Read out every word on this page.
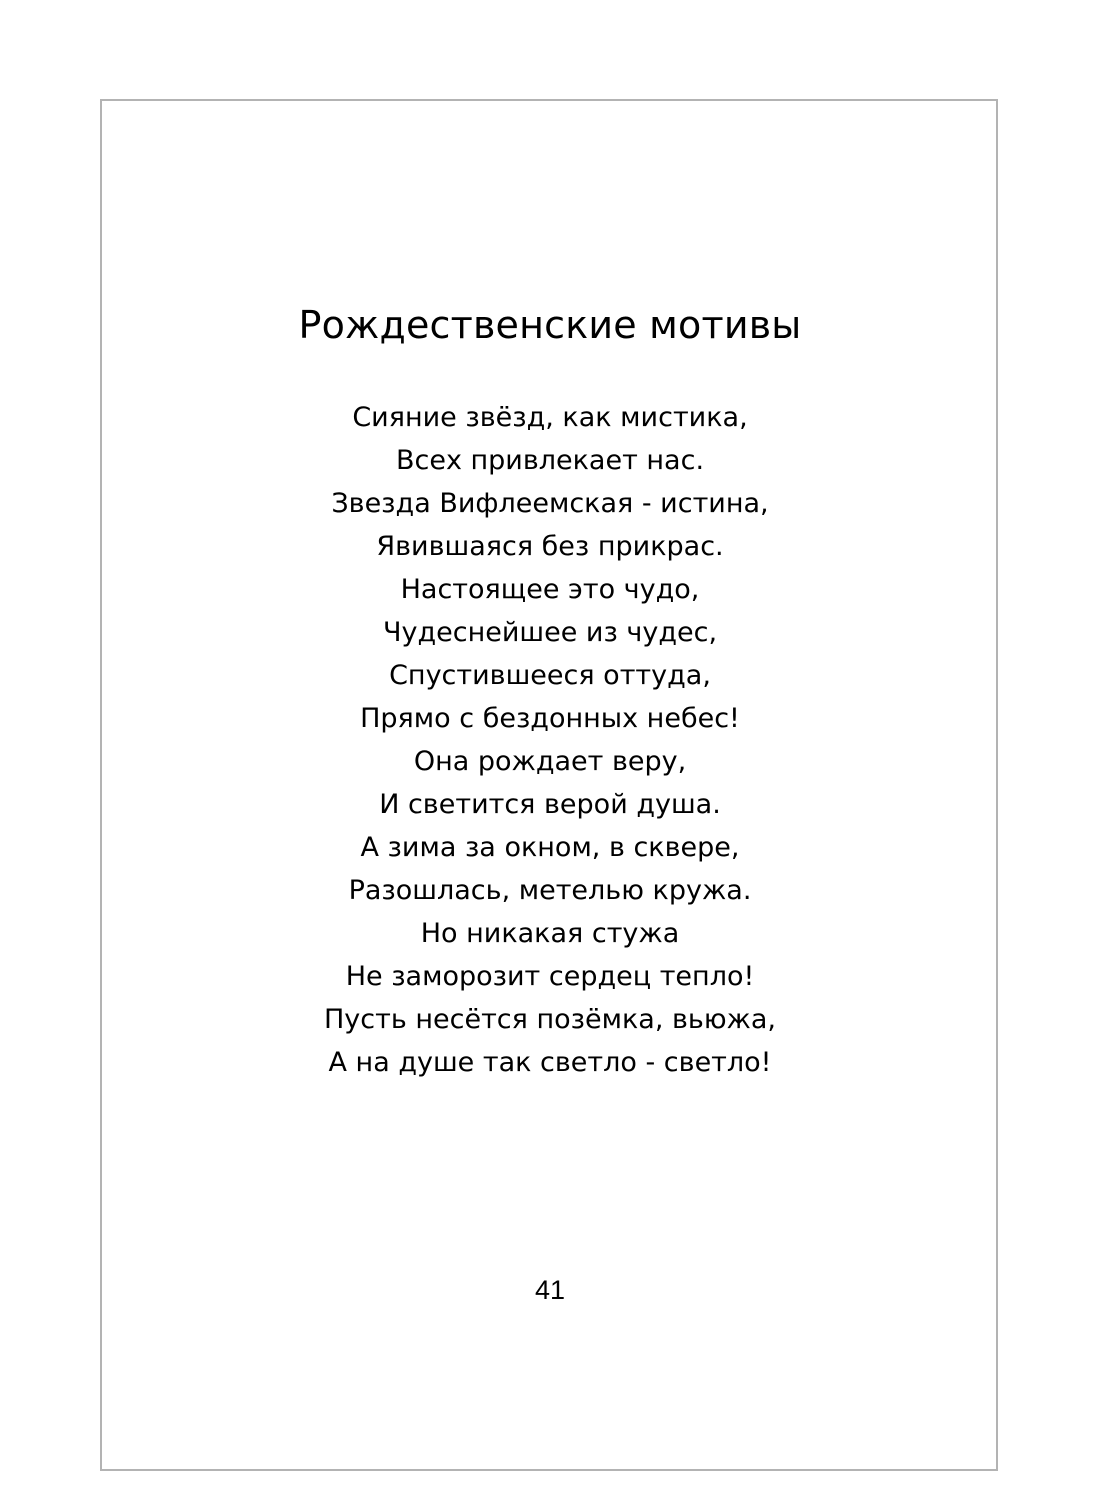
Рождественские мотивы
Сияние звёзд, как мистика,
Всех привлекает нас.
Звезда Вифлеемская - истина,
Явившаяся без прикрас.
Настоящее это чудо,
Чудеснейшее из чудес,
Спустившееся оттуда,
Прямо с бездонных небес!
Она рождает веру,
И светится верой душа.
А зима за окном, в сквере,
Разошлась, метелью кружа.
Но никакая стужа
Не заморозит сердец тепло!
Пусть несётся позёмка, вьюжа,
А на душе так светло - светло!
41
